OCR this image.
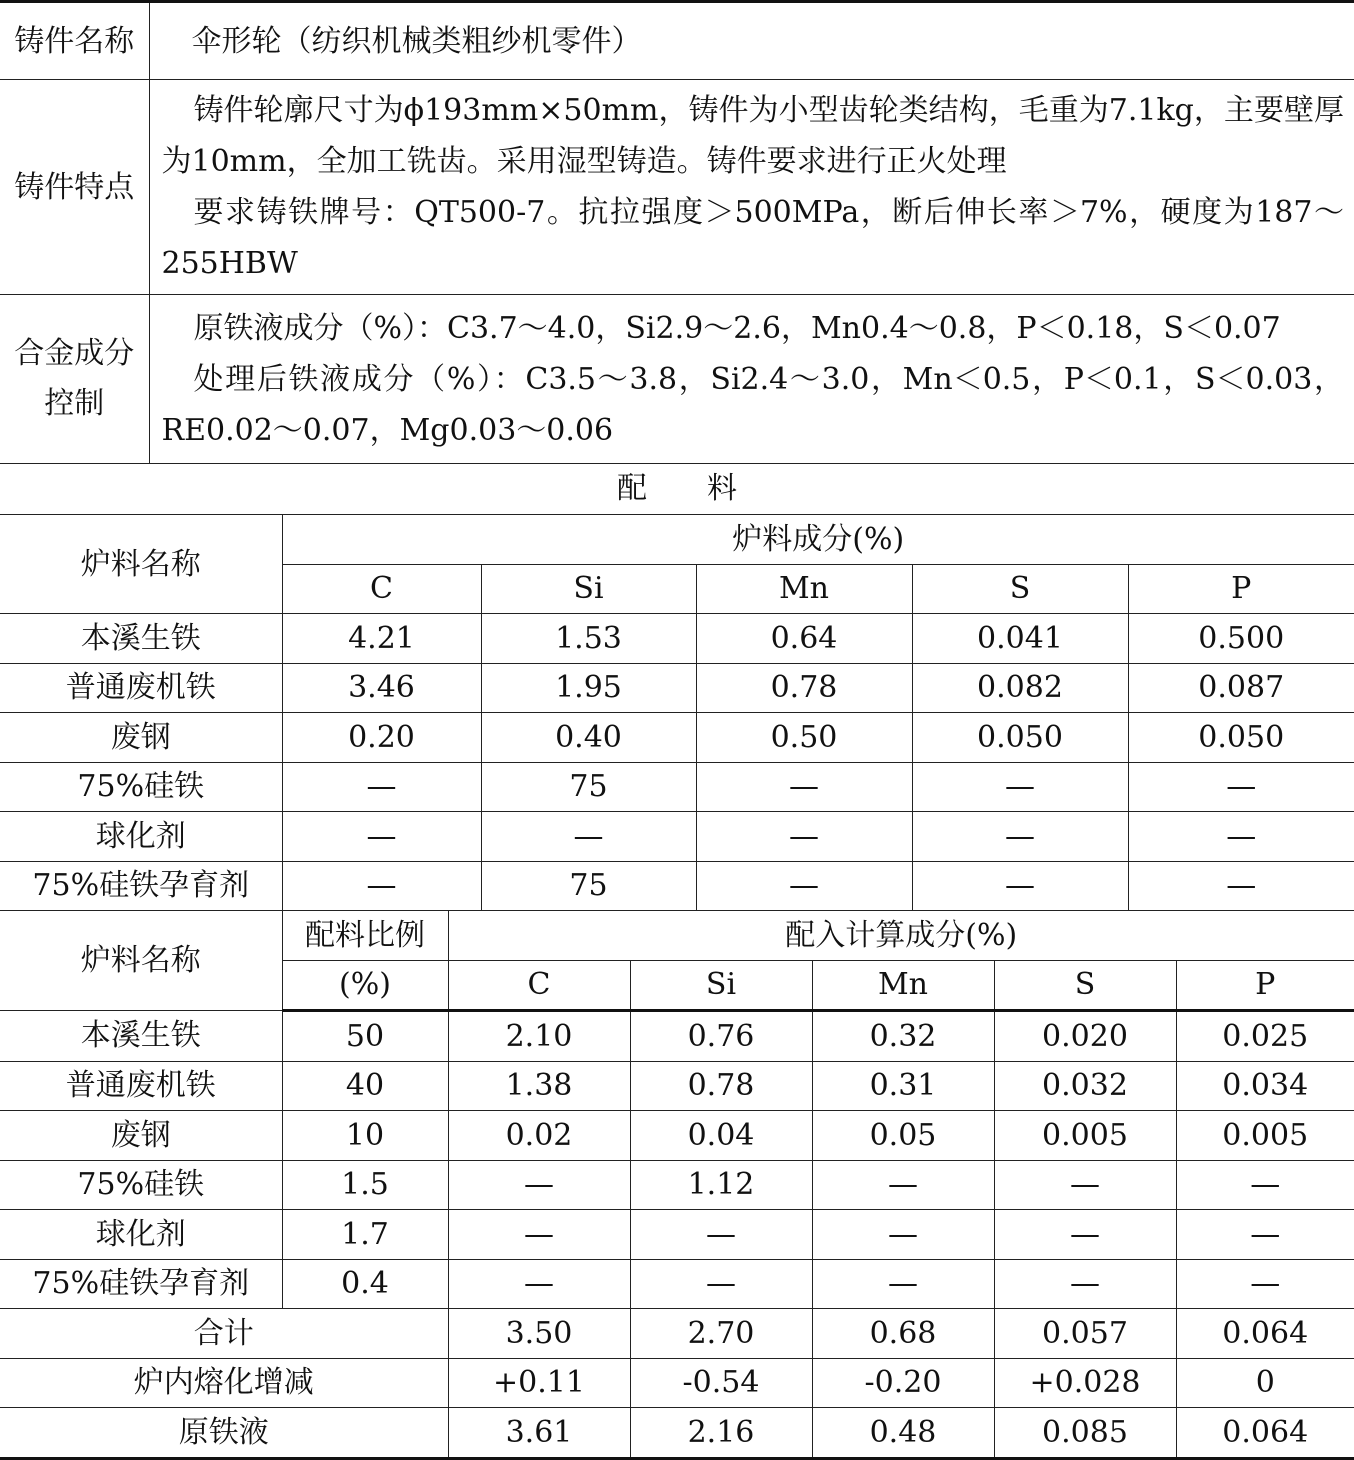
铸件名称	伞形轮（纺织机械类粗纱机零件）
铸件特点	铸件轮廓尺寸为ϕ193mm×50mm，铸件为小型齿轮类结构，毛重为7.1kg，主要壁厚为10mm，全加工铣齿。采用湿型铸造。铸件要求进行正火处理
要求铸铁牌号：QT500-7。抗拉强度＞500MPa，断后伸长率＞7%，硬度为187～255HBW

合金成分
控制	原铁液成分（%）：C3.7～4.0，Si2.9～2.6，Mn0.4～0.8，P＜0.18，S＜0.07
处理后铁液成分（%）：C3.5～3.8，Si2.4～3.0，Mn＜0.5，P＜0.1，S＜0.03，RE0.02～0.07，Mg0.03～0.06
配料
炉料名称	炉料成分(%)				
	C	Si	Mn	S	P
本溪生铁	4.21	1.53	0.64	0.041	0.500
普通废机铁	3.46	1.95	0.78	0.082	0.087
废钢	0.20	0.40	0.50	0.050	0.050
75%硅铁	—	75	—	—	—
球化剂	—	—	—	—	—
75%硅铁孕育剂	—	75	—	—	—
炉料名称	配料比例	配入计算成分(%)				
	(%)	C	Si	Mn	S	P
本溪生铁	50	2.10	0.76	0.32	0.020	0.025
普通废机铁	40	1.38	0.78	0.31	0.032	0.034
废钢	10	0.02	0.04	0.05	0.005	0.005
75%硅铁	1.5	—	1.12	—	—	—
球化剂	1.7	—	—	—	—	—
75%硅铁孕育剂	0.4	—	—	—	—	—
合计		3.50	2.70	0.68	0.057	0.064
炉内熔化增减		+0.11	-0.54	-0.20	+0.028	0
原铁液		3.61	2.16	0.48	0.085	0.064
